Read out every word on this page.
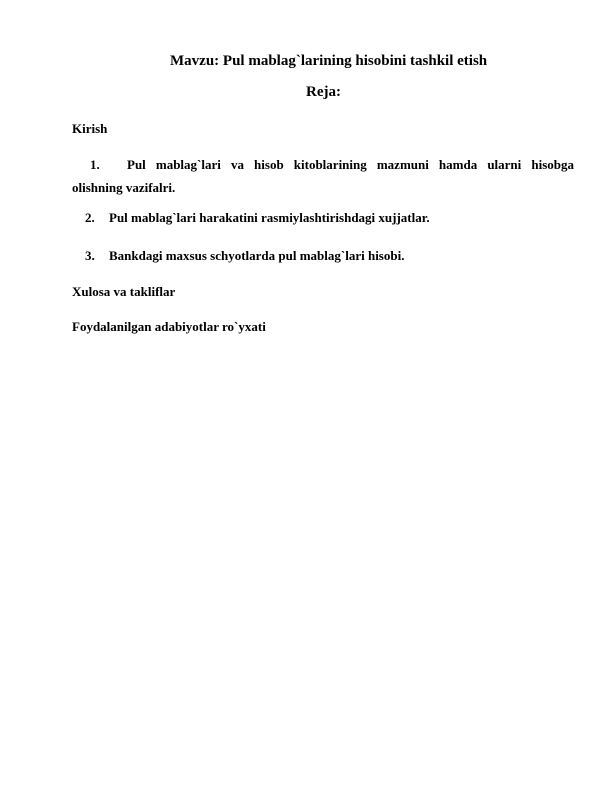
Mavzu: Pul mablag`larining hisobini tashkil etish
Reja:
Kirish
1. Pul mablag`lari va hisob kitoblarining mazmuni hamda ularni hisobga
olishning vazifalri.
2. Pul mablag`lari harakatini rasmiylashtirishdagi xujjatlar.
3. Bankdagi maxsus schyotlarda pul mablag`lari hisobi.
Xulosa va takliflar
Foydalanilgan adabiyotlar ro`yxati
